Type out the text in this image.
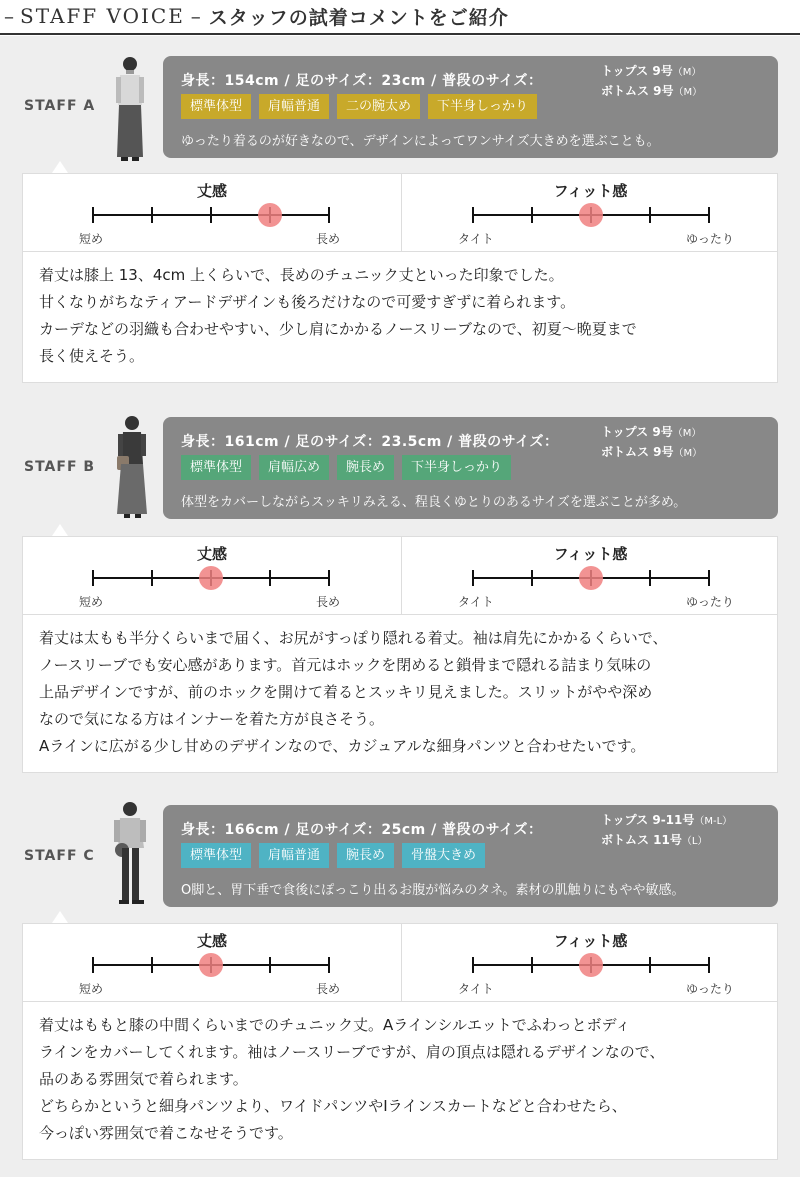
– STAFF VOICE – スタッフの試着コメントをご紹介
STAFF A
身長：154cm / 足のサイズ：23cm / 普段のサイズ：
トップス 9号（M）
ボトムス 9号（M）
標準体型	肩幅普通	二の腕太め	下半身しっかり
ゆったり着るのが好きなので、デザインによってワンサイズ大きめを選ぶことも。
丈感
短め	長め
フィット感
タイト	ゆったり
着丈は膝上 13、4cm 上くらいで、長めのチュニック丈といった印象でした。
甘くなりがちなティアードデザインも後ろだけなので可愛すぎずに着られます。
カーデなどの羽織も合わせやすい、少し肩にかかるノースリーブなので、初夏〜晩夏まで
長く使えそう。
STAFF B
身長：161cm / 足のサイズ：23.5cm / 普段のサイズ：
トップス 9号（M）
ボトムス 9号（M）
標準体型	肩幅広め	腕長め	下半身しっかり
体型をカバーしながらスッキリみえる、程良くゆとりのあるサイズを選ぶことが多め。
丈感
短め	長め
フィット感
タイト	ゆったり
着丈は太もも半分くらいまで届く、お尻がすっぽり隠れる着丈。袖は肩先にかかるくらいで、
ノースリーブでも安心感があります。首元はホックを閉めると鎖骨まで隠れる詰まり気味の
上品デザインですが、前のホックを開けて着るとスッキリ見えました。スリットがやや深め
なので気になる方はインナーを着た方が良さそう。
Aラインに広がる少し甘めのデザインなので、カジュアルな細身パンツと合わせたいです。
STAFF C
身長：166cm / 足のサイズ：25cm / 普段のサイズ：
トップス 9-11号（M-L）
ボトムス 11号（L）
標準体型	肩幅普通	腕長め	骨盤大きめ
O脚と、胃下垂で食後にぽっこり出るお腹が悩みのタネ。素材の肌触りにもやや敏感。
丈感
短め	長め
フィット感
タイト	ゆったり
着丈はももと膝の中間くらいまでのチュニック丈。Aラインシルエットでふわっとボディ
ラインをカバーしてくれます。袖はノースリーブですが、肩の頂点は隠れるデザインなので、
品のある雰囲気で着られます。
どちらかというと細身パンツより、ワイドパンツやIラインスカートなどと合わせたら、
今っぽい雰囲気で着こなせそうです。
